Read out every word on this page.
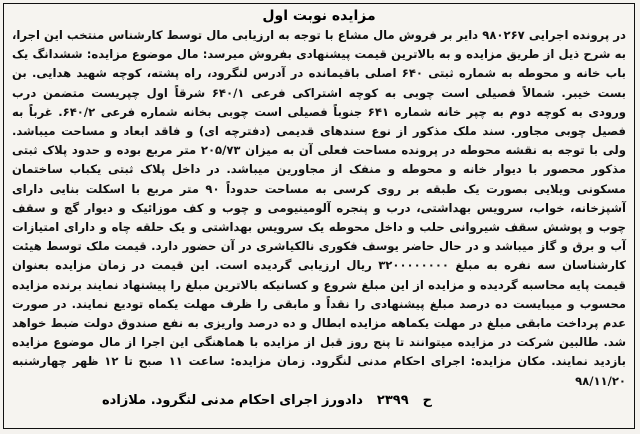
مزایده نوبت اول

در پرونده اجرایی ۹۸۰۲۶۷ دایر بر فروش مال مشاع با توجه به ارزیابی مال توسط کارشناس منتخب این اجرا، به شرح ذیل از طریق مزایده و به بالاترین قیمت پیشنهادی بفروش میرسد: مال موضوع مزایده: ششدانگ یک باب خانه و محوطه به شماره ثبتی ۶۴۰ اصلی باقیمانده در آدرس لنگرود، راه پشته، کوچه شهید هدایی. بن بست خیبر. شمالاً فصیلی است چوبی به کوچه اشتراکی فرعی ۶۴۰/۱ شرقاً اول چپریست متضمن درب ورودی به کوچه دوم به چپر خانه شماره ۶۴۱ جنوباً فصیلی است چوبی بخانه شماره فرعی ۶۴۰/۲. غرباً به فصیل چوبی مجاور. سند ملک مذکور از نوع سندهای قدیمی (دفترچه ای) و فاقد ابعاد و مساحت میباشد. ولی با توجه به نقشه محوطه در پرونده مساحت فعلی آن به میزان ۲۰۵/۷۳ متر مربع بوده و حدود پلاک ثبتی مذکور محصور با دیوار خانه و محوطه و منفک از مجاورین میباشد. در داخل پلاک ثبتی یکباب ساختمان مسکونی ویلایی بصورت یک طبقه بر روی کرسی به مساحت حدوداً ۹۰ متر مربع با اسکلت بنایی دارای آشپزخانه، خواب، سرویس بهداشتی، درب و پنجره آلومینیومی و چوب و کف موزائیک و دیوار گچ و سقف چوب و پوشش سقف شیروانی حلب و داخل محوطه یک سرویس بهداشتی و یک حلقه چاه و دارای امتیازات آب و برق و گاز میباشد و در حال حاضر یوسف فکوری نالکیاشری در آن حضور دارد. قیمت ملک توسط هیئت کارشناسان سه نفره به مبلغ ۳۲۰۰۰۰۰۰۰۰ ریال ارزیابی گردیده است. این قیمت در زمان مزایده بعنوان قیمت پایه محاسبه گردیده و مزایده از این مبلغ شروع و کسانیکه بالاترین مبلغ را پیشنهاد نمایند برنده مزایده محسوب و میبایست ده درصد مبلغ پیشنهادی را نقداً و مابقی را ظرف مهلت یکماه تودیع نمایند. در صورت عدم پرداخت مابقی مبلغ در مهلت یکماهه مزایده ابطال و ده درصد واریزی به نفع صندوق دولت ضبط خواهد شد. طالبین شرکت در مزایده میتوانند تا پنج روز قبل از مزایده با هماهنگی این اجرا از مال موضوع مزایده بازدید نمایند. مکان مزایده: اجرای احکام مدنی لنگرود. زمان مزایده: ساعت ۱۱ صبح تا ۱۲ ظهر چهارشنبه ۹۸/۱۱/۲۰

ح
۲۳۹۹
دادورز اجرای احکام مدنی لنگرود. ملازاده
